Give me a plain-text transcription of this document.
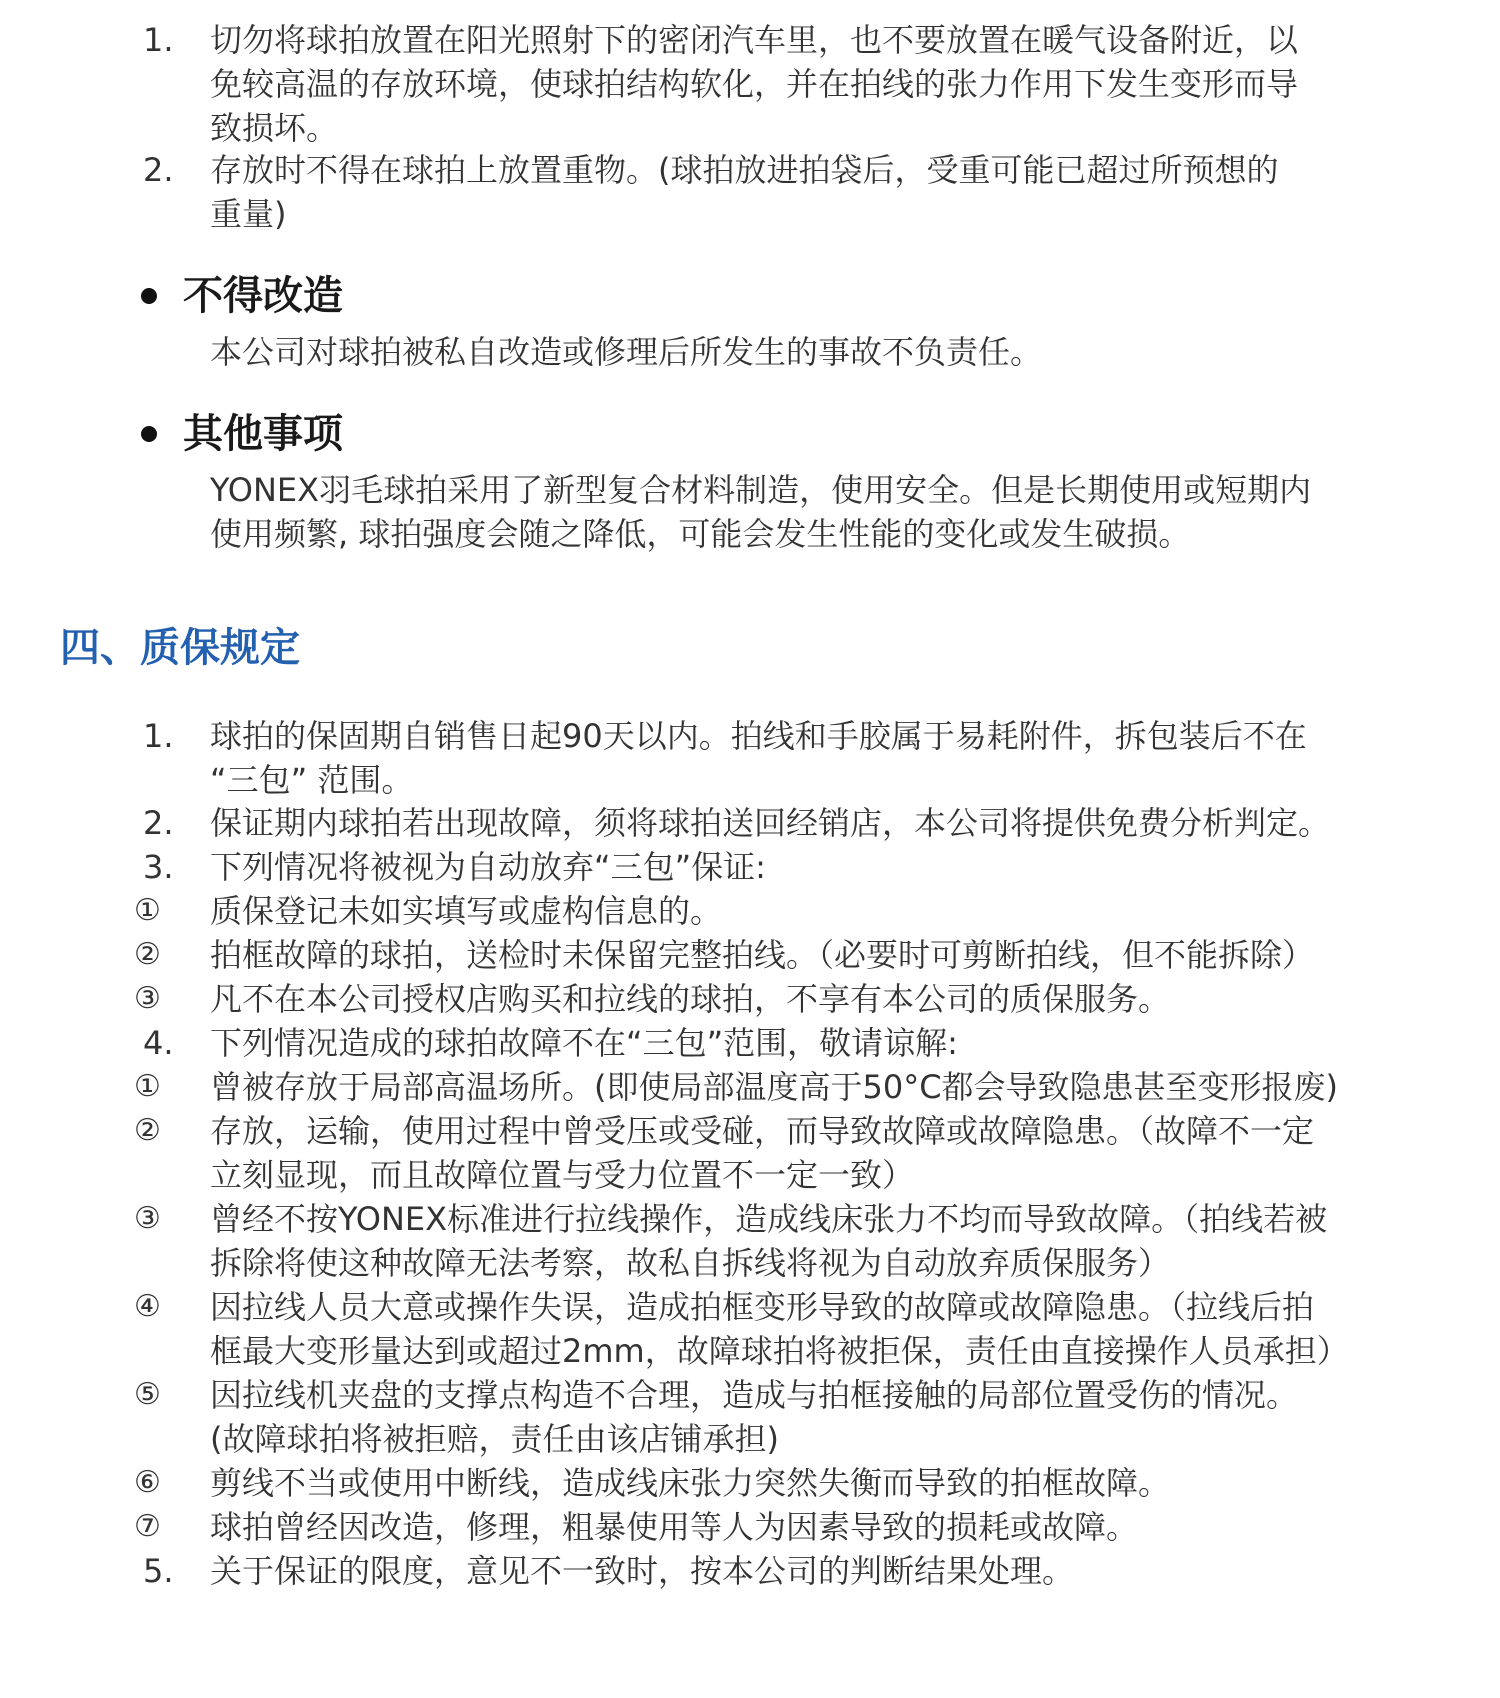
1. 切勿将球拍放置在阳光照射下的密闭汽车里，也不要放置在暖气设备附近，以
免较高温的存放环境，使球拍结构软化，并在拍线的张力作用下发生变形而导
致损坏。
2. 存放时不得在球拍上放置重物。(球拍放进拍袋后，受重可能已超过所预想的
重量)
不得改造
本公司对球拍被私自改造或修理后所发生的事故不负责任。
其他事项
YONEX羽毛球拍采用了新型复合材料制造，使用安全。但是长期使用或短期内
使用频繁, 球拍强度会随之降低，可能会发生性能的变化或发生破损。
四、质保规定
1. 球拍的保固期自销售日起90天以内。拍线和手胶属于易耗附件，拆包装后不在
“三包” 范围。
2. 保证期内球拍若出现故障，须将球拍送回经销店，本公司将提供免费分析判定。
3. 下列情况将被视为自动放弃“三包”保证:
① 质保登记未如实填写或虚构信息的。
② 拍框故障的球拍，送检时未保留完整拍线。（必要时可剪断拍线，但不能拆除）
③ 凡不在本公司授权店购买和拉线的球拍，不享有本公司的质保服务。
4. 下列情况造成的球拍故障不在“三包”范围，敬请谅解:
① 曾被存放于局部高温场所。(即使局部温度高于50°C都会导致隐患甚至变形报废)
② 存放，运输，使用过程中曾受压或受碰，而导致故障或故障隐患。（故障不一定
立刻显现，而且故障位置与受力位置不一定一致）
③ 曾经不按YONEX标准进行拉线操作，造成线床张力不均而导致故障。（拍线若被
拆除将使这种故障无法考察，故私自拆线将视为自动放弃质保服务）
④ 因拉线人员大意或操作失误，造成拍框变形导致的故障或故障隐患。（拉线后拍
框最大变形量达到或超过2mm，故障球拍将被拒保，责任由直接操作人员承担）
⑤ 因拉线机夹盘的支撑点构造不合理，造成与拍框接触的局部位置受伤的情况。
(故障球拍将被拒赔，责任由该店铺承担)
⑥ 剪线不当或使用中断线，造成线床张力突然失衡而导致的拍框故障。
⑦ 球拍曾经因改造，修理，粗暴使用等人为因素导致的损耗或故障。
5. 关于保证的限度，意见不一致时，按本公司的判断结果处理。
